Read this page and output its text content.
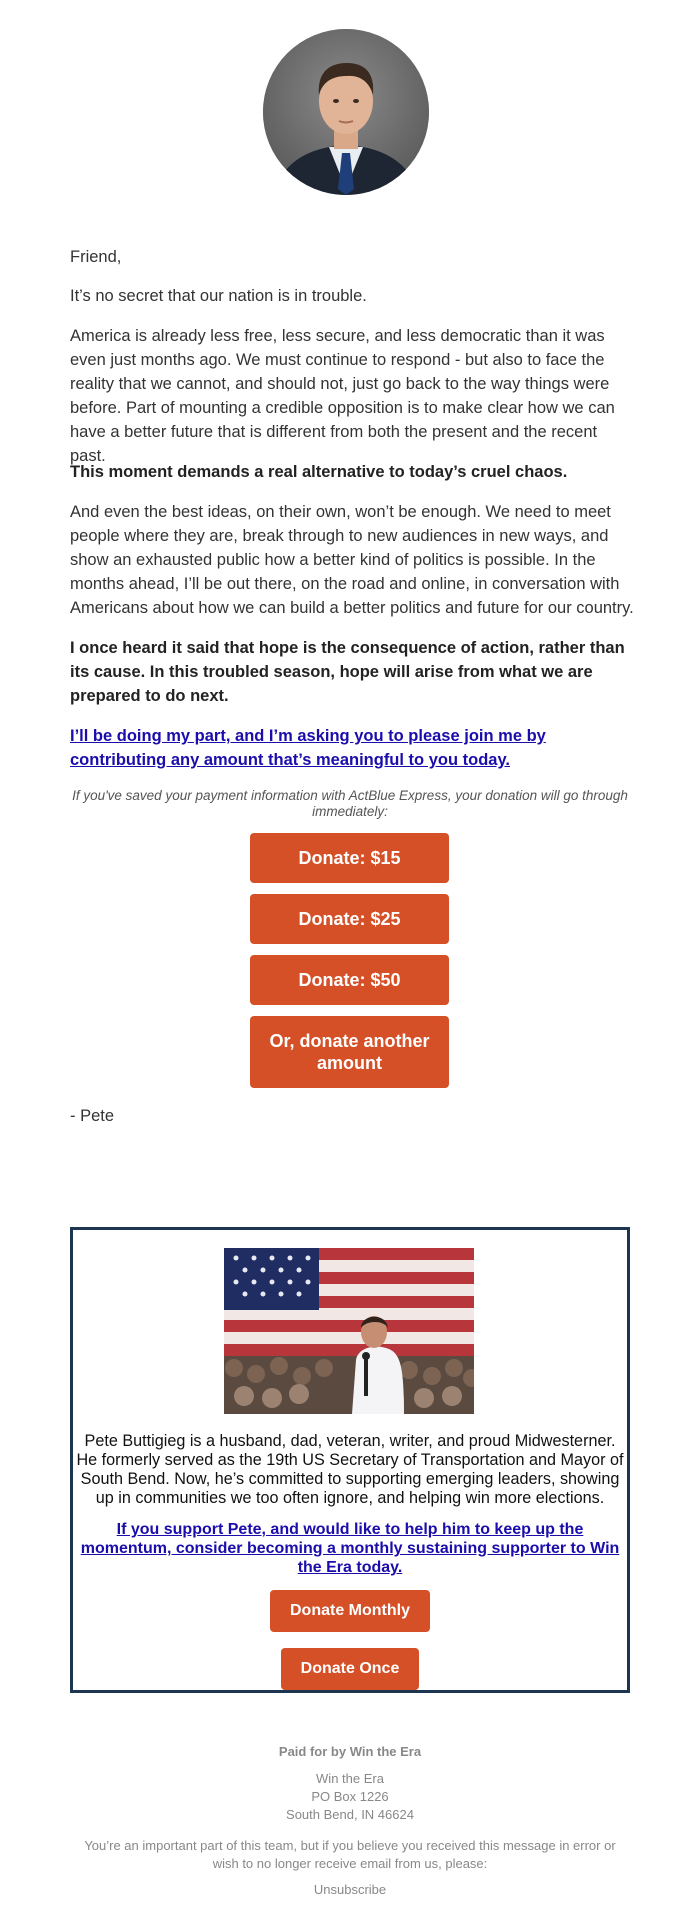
Friend,

It’s no secret that our nation is in trouble.

America is already less free, less secure, and less democratic than it was even just months ago. We must continue to respond - but also to face the reality that we cannot, and should not, just go back to the way things were before. Part of mounting a credible opposition is to make clear how we can have a better future that is different from both the present and the recent past.

This moment demands a real alternative to today’s cruel chaos.

And even the best ideas, on their own, won’t be enough. We need to meet people where they are, break through to new audiences in new ways, and show an exhausted public how a better kind of politics is possible. In the months ahead, I’ll be out there, on the road and online, in conversation with Americans about how we can build a better politics and future for our country.

I once heard it said that hope is the consequence of action, rather than its cause. In this troubled season, hope will arise from what we are prepared to do next.

I’ll be doing my part, and I’m asking you to please join me by contributing any amount that’s meaningful to you today.
If you've saved your payment information with ActBlue Express, your donation will go through immediately:
Donate: $15
Donate: $25
Donate: $50
Or, donate another amount

- Pete

Pete Buttigieg is a husband, dad, veteran, writer, and proud Midwesterner. He formerly served as the 19th US Secretary of Transportation and Mayor of South Bend. Now, he’s committed to supporting emerging leaders, showing up in communities we too often ignore, and helping win more elections.
If you support Pete, and would like to help him to keep up the momentum, consider becoming a monthly sustaining supporter to Win the Era today.
Donate Monthly
Donate Once
Paid for by Win the Era
Win the Era
PO Box 1226
South Bend, IN 46624
You’re an important part of this team, but if you believe you received this message in error or wish to no longer receive email from us, please:
Unsubscribe
